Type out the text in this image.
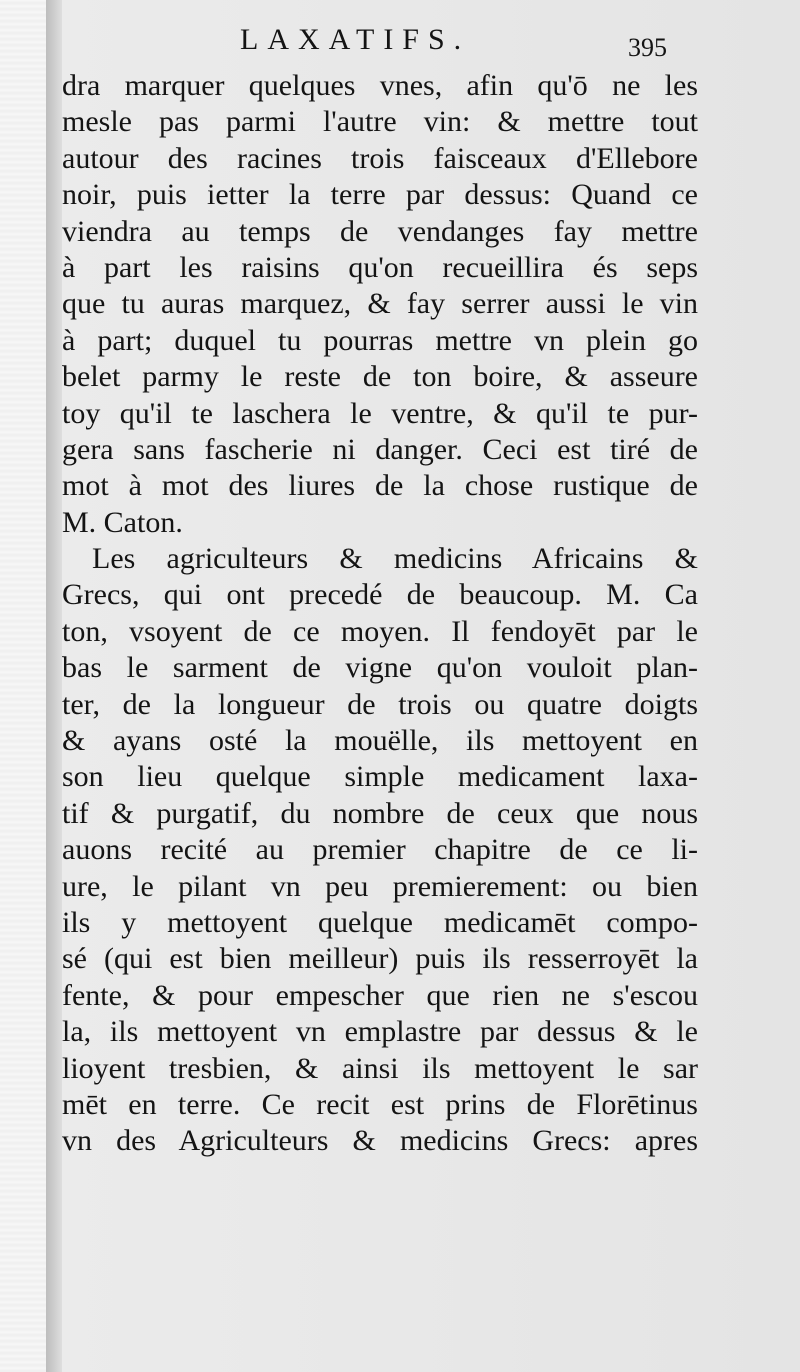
LAXATIFS.	395
dra marquer quelques vnes, afin qu'ō ne les
mesle pas parmi l'autre vin: & mettre tout
autour des racines trois faisceaux d'Ellebore
noir, puis ietter la terre par dessus: Quand ce
viendra au temps de vendanges fay mettre
à part les raisins qu'on recueillira és seps
que tu auras marquez, & fay serrer aussi le vin
à part; duquel tu pourras mettre vn plein go
belet parmy le reste de ton boire, & asseure
toy qu'il te laschera le ventre, & qu'il te pur-
gera sans fascherie ni danger. Ceci est tiré de
mot à mot des liures de la chose rustique de
M. Caton.
Les agriculteurs & medicins Africains &
Grecs, qui ont precedé de beaucoup. M. Ca
ton, vsoyent de ce moyen. Il fendoyēt par le
bas le sarment de vigne qu'on vouloit plan-
ter, de la longueur de trois ou quatre doigts
& ayans osté la mouëlle, ils mettoyent en
son lieu quelque simple medicament laxa-
tif & purgatif, du nombre de ceux que nous
auons recité au premier chapitre de ce li-
ure, le pilant vn peu premierement: ou bien
ils y mettoyent quelque medicamēt compo-
sé (qui est bien meilleur) puis ils resserroyēt la
fente, & pour empescher que rien ne s'escou
la, ils mettoyent vn emplastre par dessus & le
lioyent tresbien, & ainsi ils mettoyent le sar
mēt en terre. Ce recit est prins de Florētinus
vn des Agriculteurs & medicins Grecs: apres
